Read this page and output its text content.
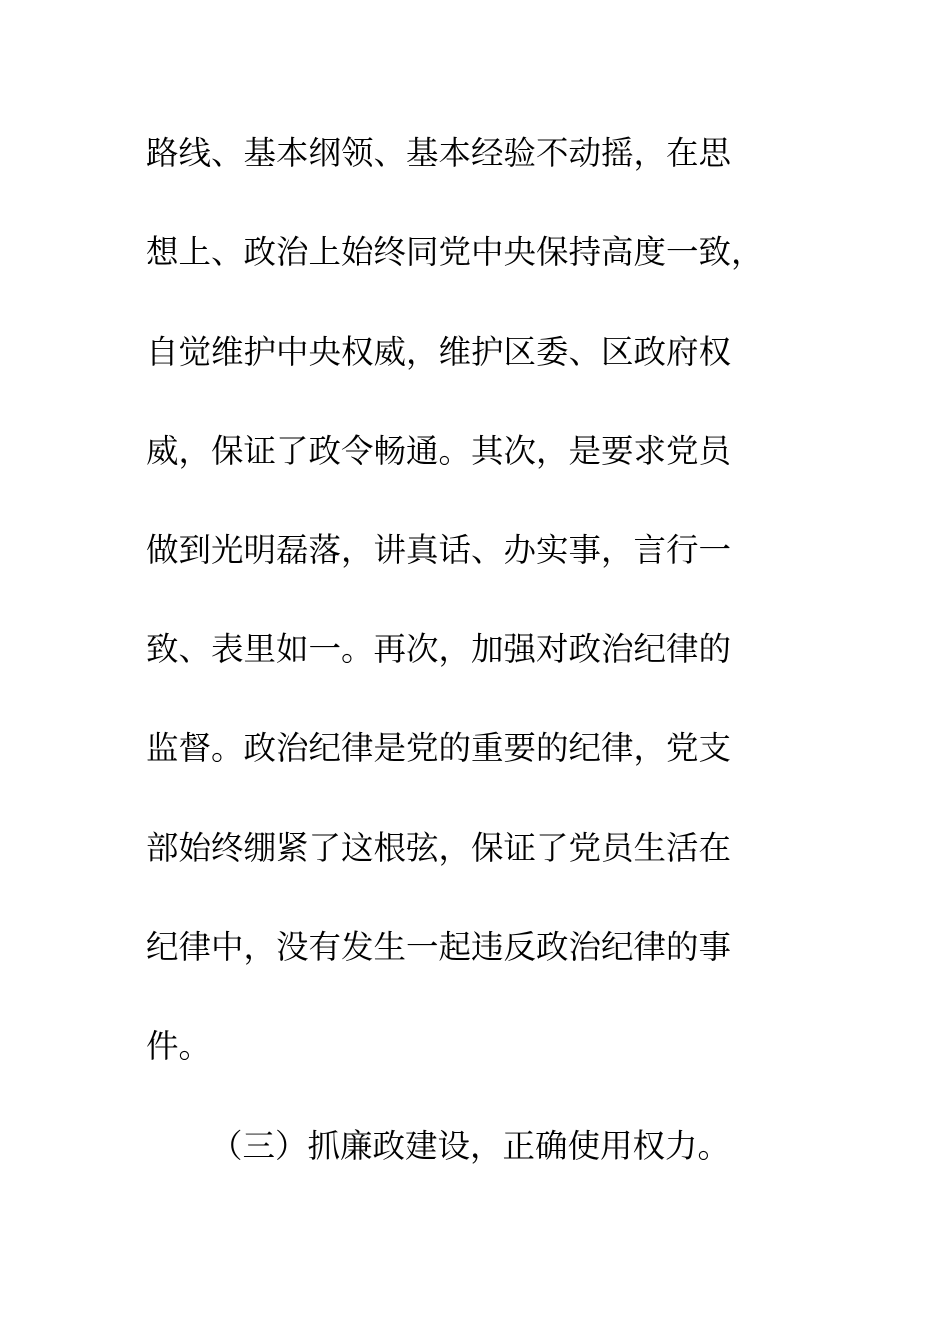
路线、基本纲领、基本经验不动摇，在思
想上、政治上始终同党中央保持高度一致，
自觉维护中央权威，维护区委、区政府权
威，保证了政令畅通。其次，是要求党员
做到光明磊落，讲真话、办实事，言行一
致、表里如一。再次，加强对政治纪律的
监督。政治纪律是党的重要的纪律，党支
部始终绷紧了这根弦，保证了党员生活在
纪律中，没有发生一起违反政治纪律的事
件。
（三）抓廉政建设，正确使用权力。
